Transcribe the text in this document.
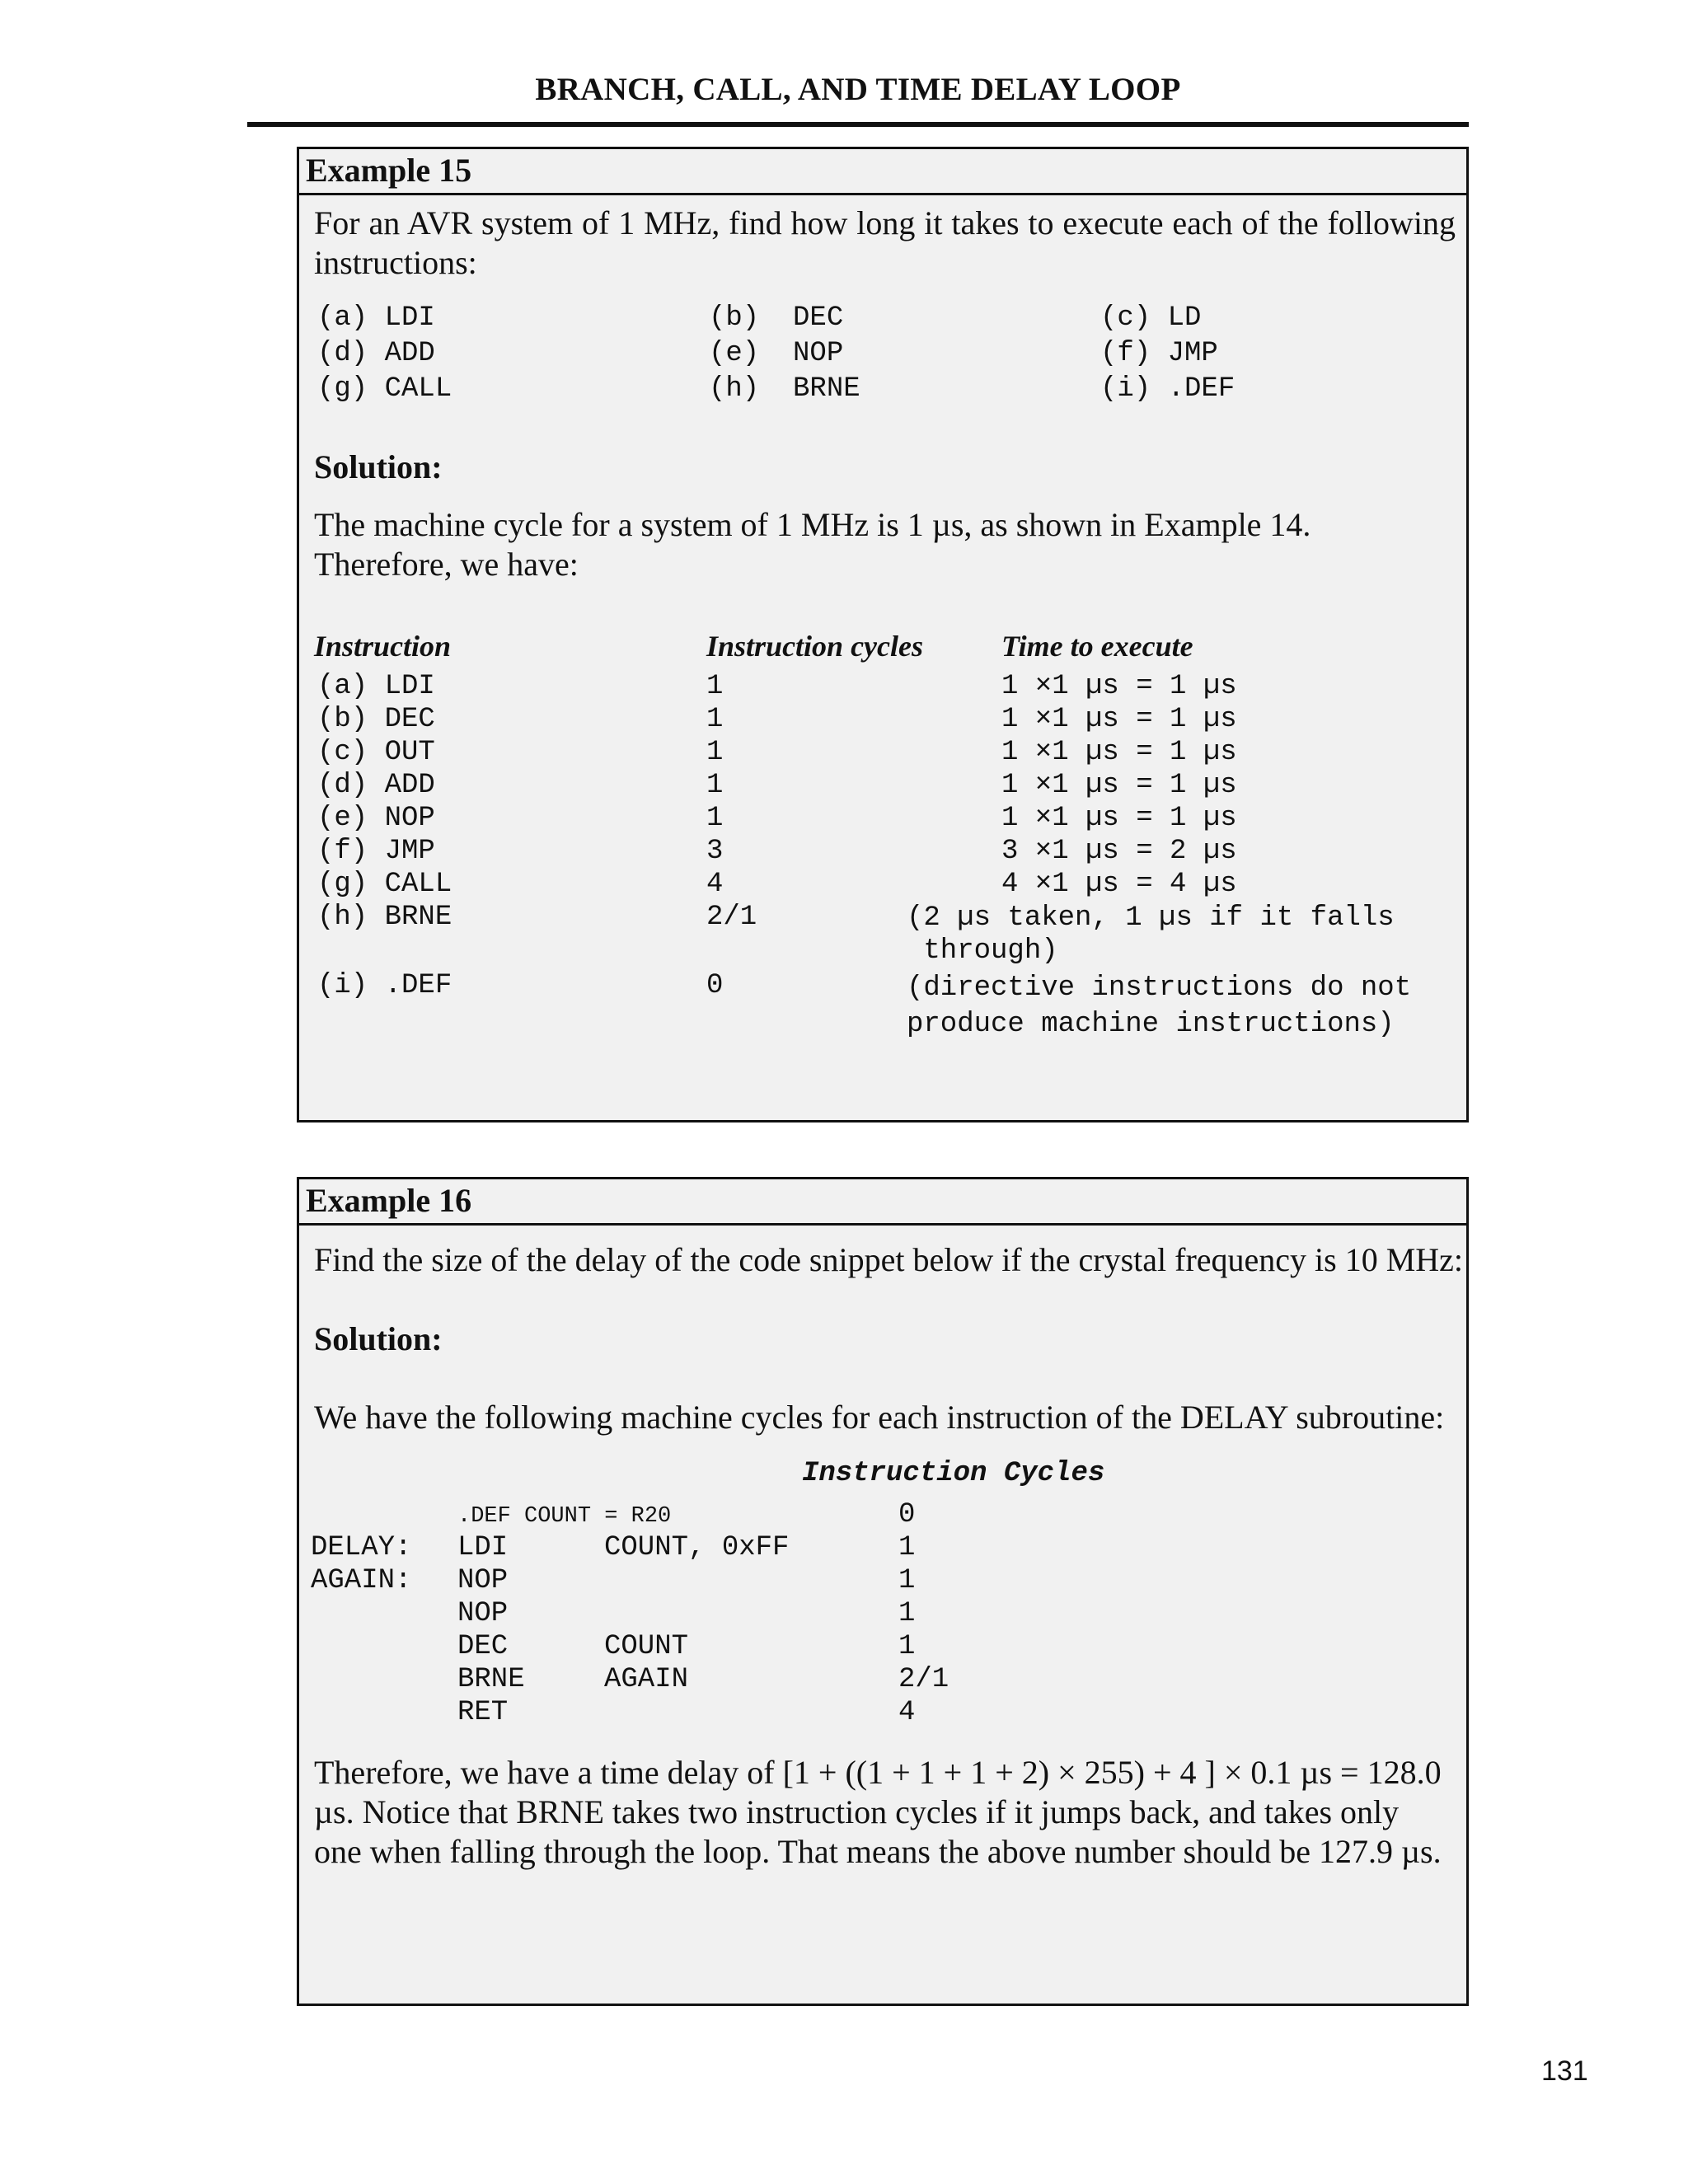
BRANCH, CALL, AND TIME DELAY LOOP
Example 15
For an AVR system of 1 MHz, find how long it takes to execute each of the following instructions:
(a) LDI	(b)  DEC	(c) LD
(d) ADD	(e)  NOP	(f) JMP
(g) CALL	(h)  BRNE	(i) .DEF
Solution:
The machine cycle for a system of 1 MHz is 1 µs, as shown in Example 14. Therefore, we have:
Instruction	Instruction cycles	Time to execute
(a) LDI	1	1 ×1 µs = 1 µs
(b) DEC	1	1 ×1 µs = 1 µs
(c) OUT	1	1 ×1 µs = 1 µs
(d) ADD	1	1 ×1 µs = 1 µs
(e) NOP	1	1 ×1 µs = 1 µs
(f) JMP	3	3 ×1 µs = 2 µs
(g) CALL	4	4 ×1 µs = 4 µs
(h) BRNE	2/1	(2 µs taken, 1 µs if it falls
through)
(i) .DEF	0	(directive instructions do not
produce machine instructions)
Example 16
Find the size of the delay of the code snippet below if the crystal frequency is 10 MHz:
Solution:
We have the following machine cycles for each instruction of the DELAY subroutine:
Instruction Cycles
.DEF COUNT = R20	0
DELAY: LDI	COUNT, 0xFF	1
AGAIN: NOP	1
NOP	1
DEC	COUNT	1
BRNE	AGAIN	2/1
RET	4
Therefore, we have a time delay of [1 + ((1 + 1 + 1 + 2) × 255) + 4 ] × 0.1 µs = 128.0 µs. Notice that BRNE takes two instruction cycles if it jumps back, and takes only one when falling through the loop. That means the above number should be 127.9 µs.
131
